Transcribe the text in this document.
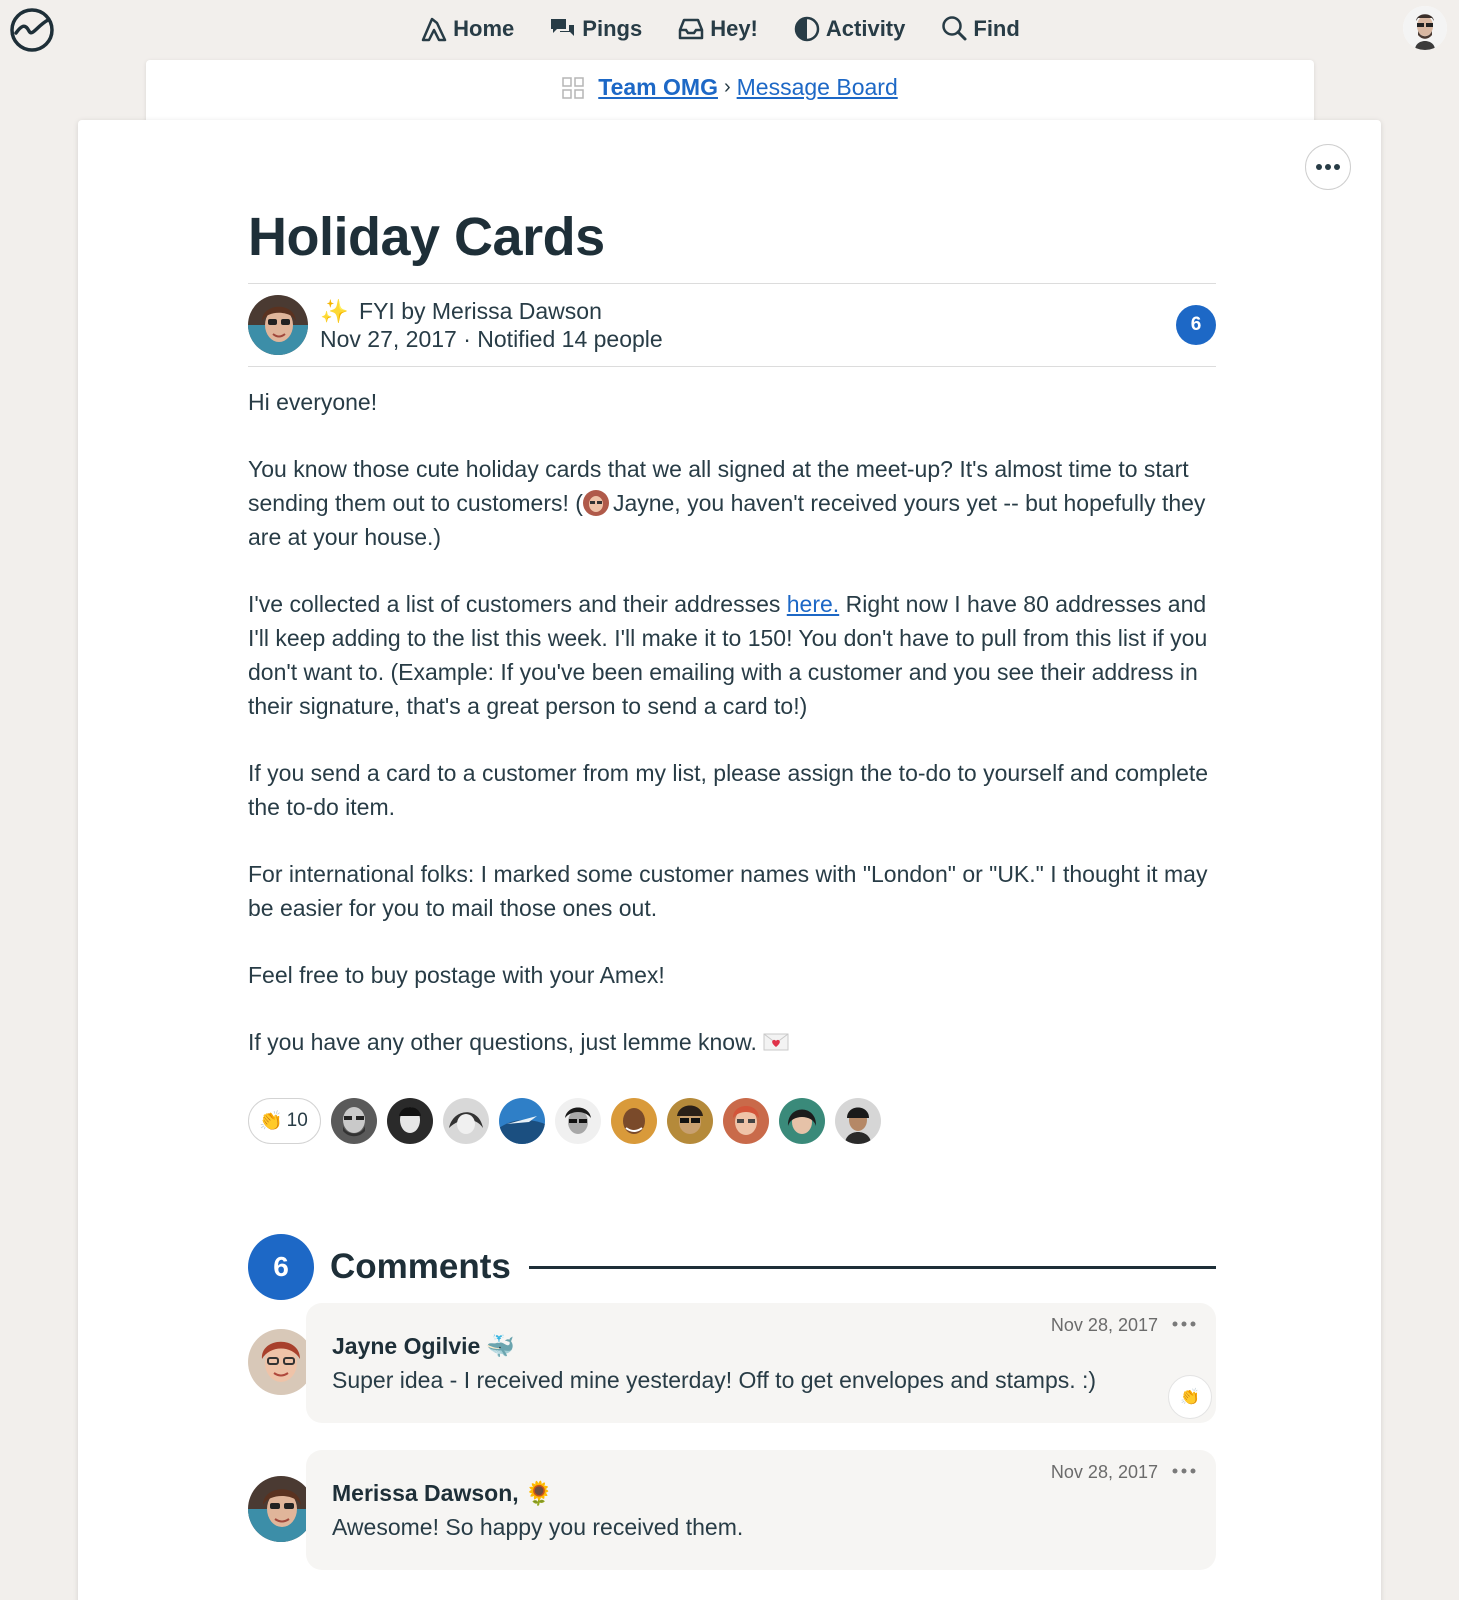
Home	Pings	Hey!	Activity	Find
Team OMG › Message Board
Holiday Cards
✨ FYI by Merissa Dawson
Nov 27, 2017 · Notified 14 people
6

Hi everyone!

You know those cute holiday cards that we all signed at the meet-up? It's almost time to start sending them out to customers! ( Jayne, you haven't received yours yet -- but hopefully they are at your house.)

I've collected a list of customers and their addresses here. Right now I have 80 addresses and I'll keep adding to the list this week. I'll make it to 150! You don't have to pull from this list if you don't want to. (Example: If you've been emailing with a customer and you see their address in their signature, that's a great person to send a card to!)

If you send a card to a customer from my list, please assign the to-do to yourself and complete the to-do item.

For international folks: I marked some customer names with "London" or "UK." I thought it may be easier for you to mail those ones out.

Feel free to buy postage with your Amex!

If you have any other questions, just lemme know.

👏 10
6	Comments
Nov 28, 2017
Jayne Ogilvie 🐳
Super idea - I received mine yesterday! Off to get envelopes and stamps. :)
👏
Nov 28, 2017
Merissa Dawson, 🌻
Awesome! So happy you received them.
